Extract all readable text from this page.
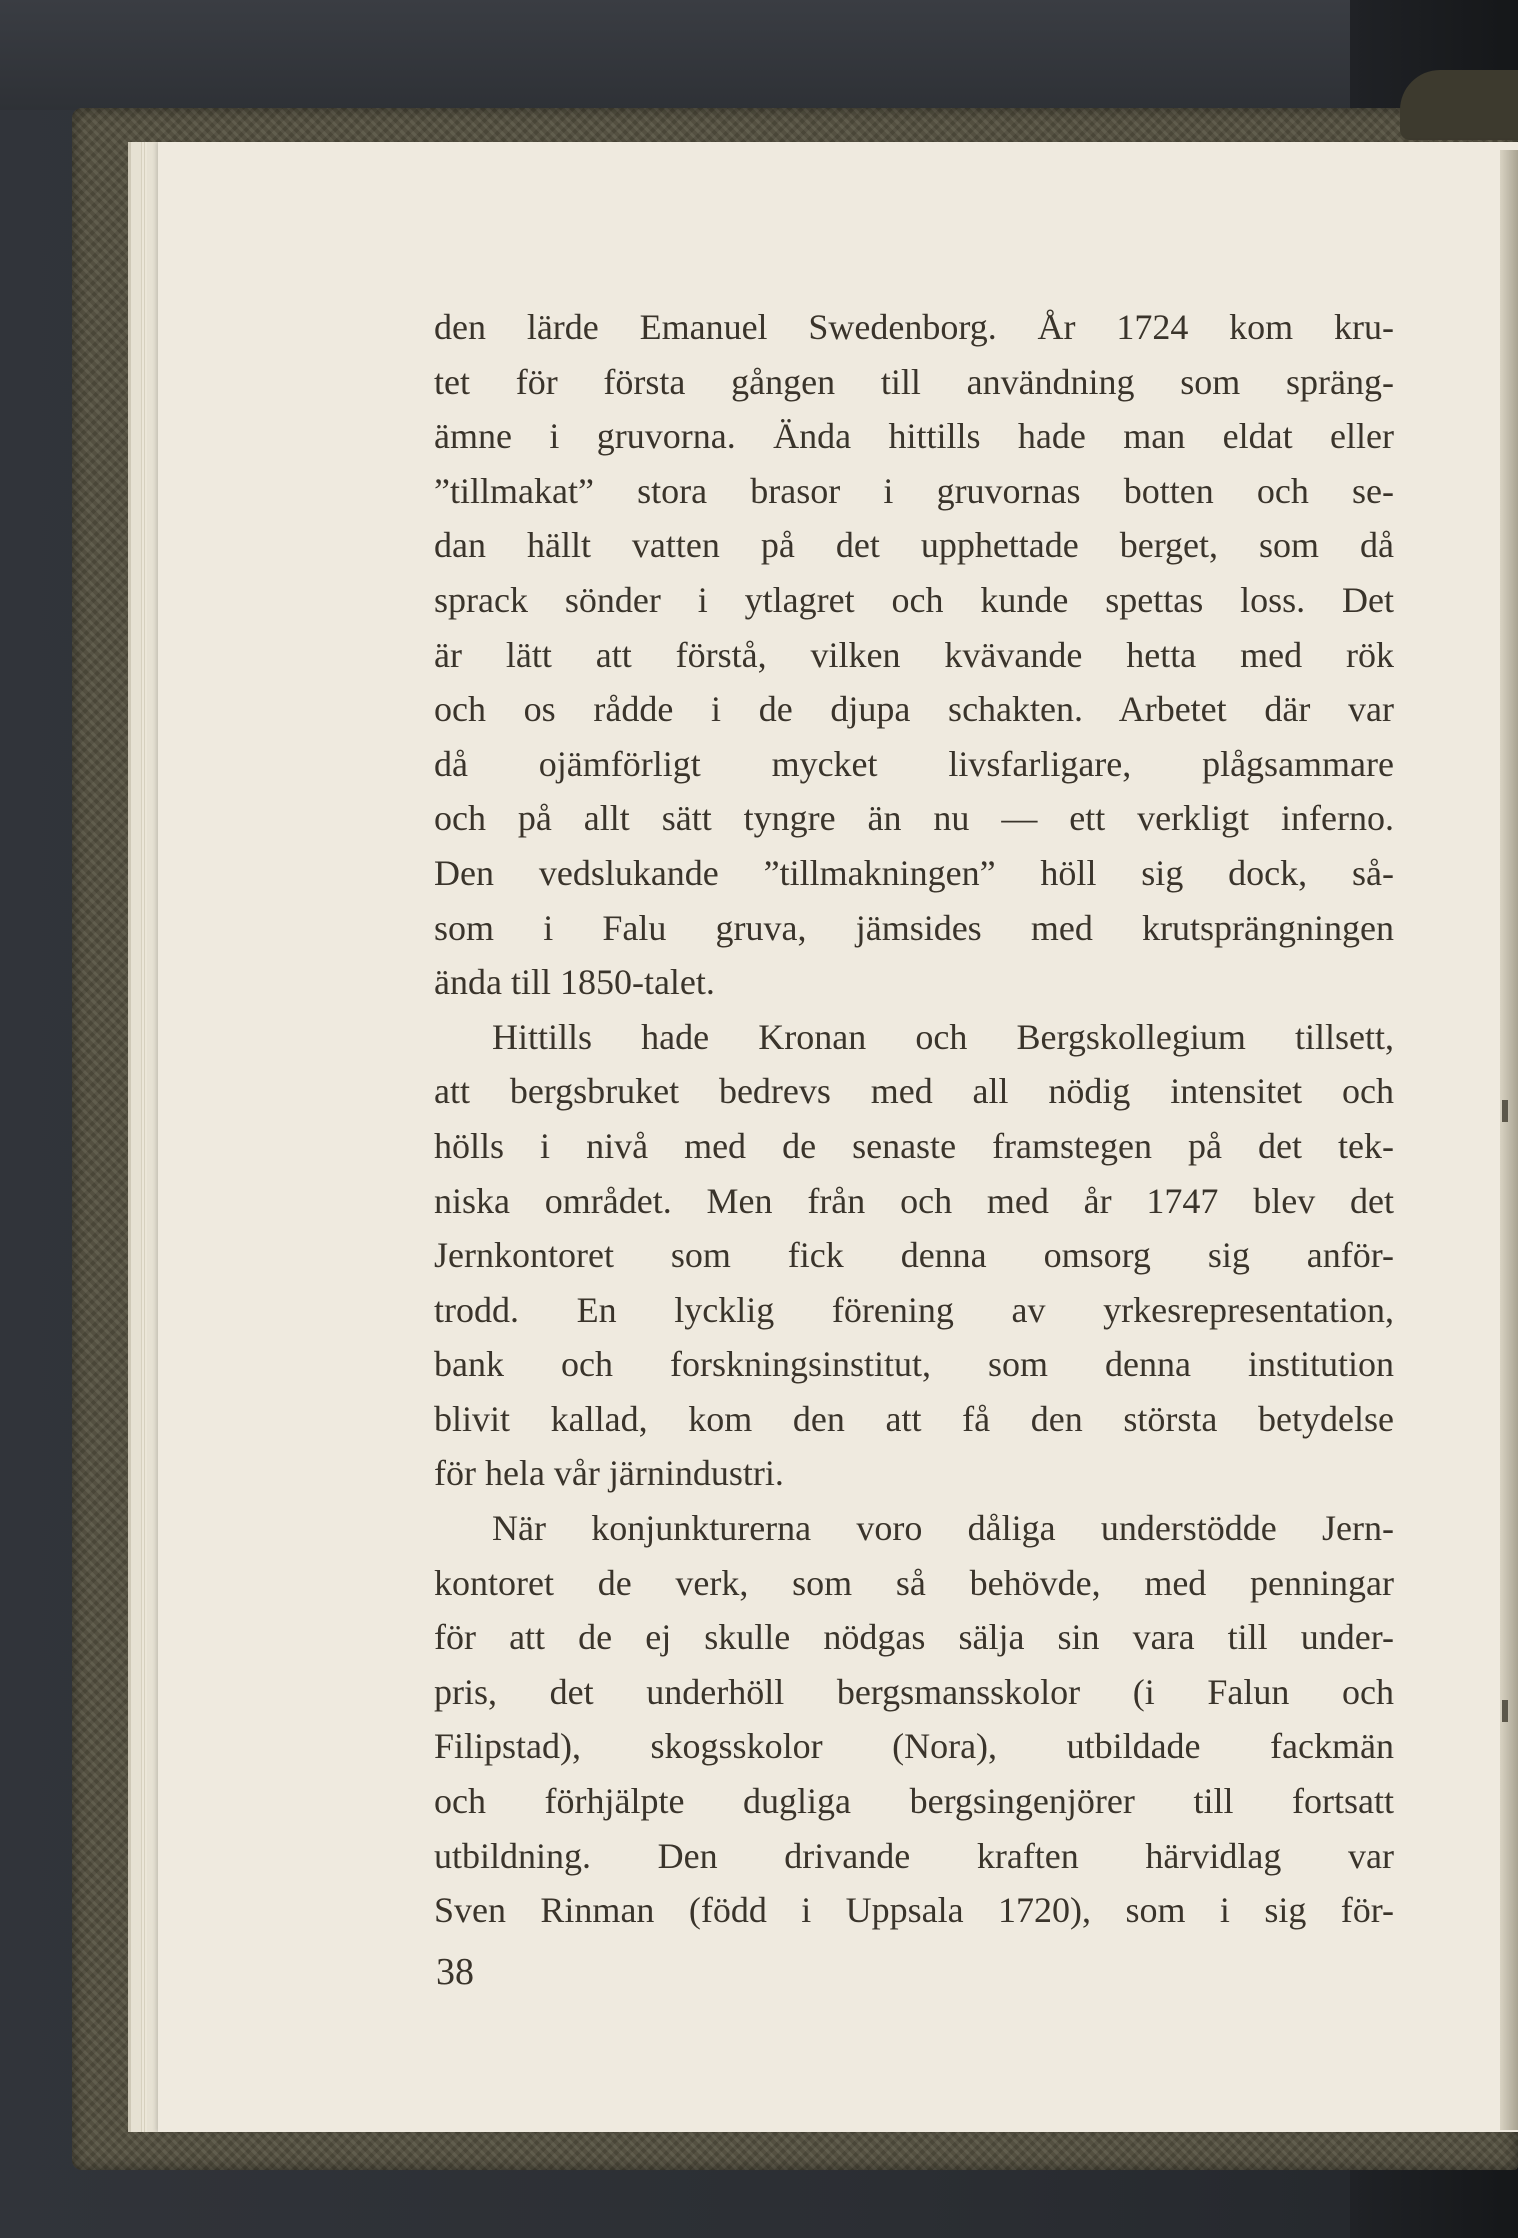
den lärde Emanuel Swedenborg. År 1724 kom kru-
tet för första gången till användning som spräng-
ämne i gruvorna. Ända hittills hade man eldat eller
”tillmakat” stora brasor i gruvornas botten och se-
dan hällt vatten på det upphettade berget, som då
sprack sönder i ytlagret och kunde spettas loss. Det
är lätt att förstå, vilken kvävande hetta med rök
och os rådde i de djupa schakten. Arbetet där var
då ojämförligt mycket livsfarligare, plågsammare
och på allt sätt tyngre än nu — ett verkligt inferno.
Den vedslukande ”tillmakningen” höll sig dock, så-
som i Falu gruva, jämsides med krutsprängningen
ända till 1850-talet.
Hittills hade Kronan och Bergskollegium tillsett,
att bergsbruket bedrevs med all nödig intensitet och
hölls i nivå med de senaste framstegen på det tek-
niska området. Men från och med år 1747 blev det
Jernkontoret som fick denna omsorg sig anför-
trodd. En lycklig förening av yrkesrepresentation,
bank och forskningsinstitut, som denna institution
blivit kallad, kom den att få den största betydelse
för hela vår järnindustri.
När konjunkturerna voro dåliga understödde Jern-
kontoret de verk, som så behövde, med penningar
för att de ej skulle nödgas sälja sin vara till under-
pris, det underhöll bergsmansskolor (i Falun och
Filipstad), skogsskolor (Nora), utbildade fackmän
och förhjälpte dugliga bergsingenjörer till fortsatt
utbildning. Den drivande kraften härvidlag var
Sven Rinman (född i Uppsala 1720), som i sig för-
38
